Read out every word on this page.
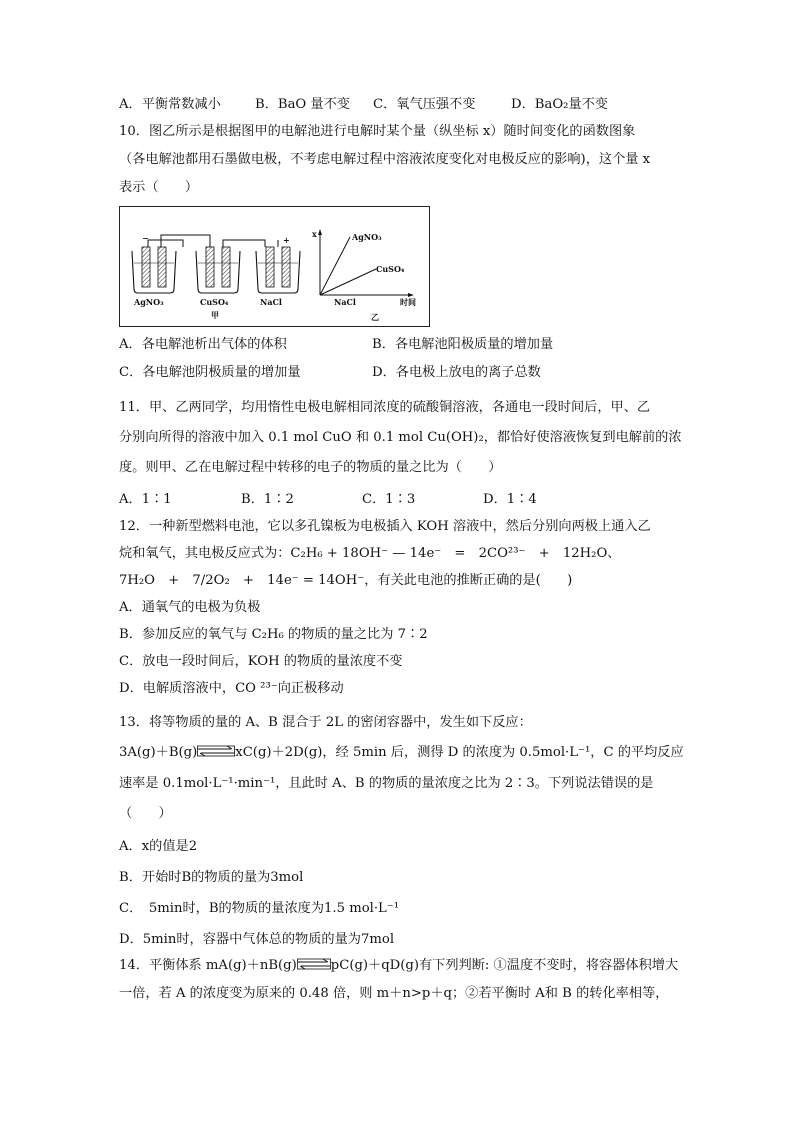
A．平衡常数减小	B．BaO 量不变 C．氧气压强不变	D．BaO₂量不变
10．图乙所示是根据图甲的电解池进行电解时某个量（纵坐标 x）随时间变化的函数图象
（各电解池都用石墨做电极，不考虑电解过程中溶液浓度变化对电极反应的影响)，这个量 x
表示（　　）
−	+
AgNO₃	CuSO₄	NaCl
甲
x	AgNO₃
CuSO₄
NaCl	时间
乙
A．各电解池析出气体的体积	B．各电解池阳极质量的增加量
C．各电解池阴极质量的增加量	D．各电极上放电的离子总数
11．甲、乙两同学，均用惰性电极电解相同浓度的硫酸铜溶液，各通电一段时间后，甲、乙
分别向所得的溶液中加入 0.1 mol CuO 和 0.1 mol Cu(OH)₂，都恰好使溶液恢复到电解前的浓
度。则甲、乙在电解过程中转移的电子的物质的量之比为（　　）
A．1∶1	B．1∶2	C．1∶3	D．1∶4
12．一种新型燃料电池，它以多孔镍板为电极插入 KOH 溶液中，然后分别向两极上通入乙
烷和氧气，其电极反应式为：C₂H₆ + 18OH⁻ — 14e⁻　=　2CO²³⁻　+　12H₂O、
7H₂O　+　7/2O₂　+　14e⁻ = 14OH⁻，有关此电池的推断正确的是(　　)
A．通氧气的电极为负极
B．参加反应的氧气与 C₂H₆ 的物质的量之比为 7∶2
C．放电一段时间后，KOH 的物质的量浓度不变
D．电解质溶液中，CO ²³⁻向正极移动
13．将等物质的量的 A、B 混合于 2L 的密闭容器中，发生如下反应：
3A(g)＋B(g)	xC(g)＋2D(g)，经 5min 后，测得 D 的浓度为 0.5mol·L⁻¹，C 的平均反应
速率是 0.1mol·L⁻¹·min⁻¹，且此时 A、B 的物质的量浓度之比为 2∶3。下列说法错误的是
（　　）
A．x的值是2
B．开始时B的物质的量为3mol
C．　5min时，B的物质的量浓度为1.5 mol·L⁻¹
D．5min时，容器中气体总的物质的量为7mol
14．平衡体系 mA(g)＋nB(g)	pC(g)＋qD(g)有下列判断: ①温度不变时，将容器体积增大
一倍，若 A 的浓度变为原来的 0.48 倍，则 m＋n>p＋q；②若平衡时 A和 B 的转化率相等，
